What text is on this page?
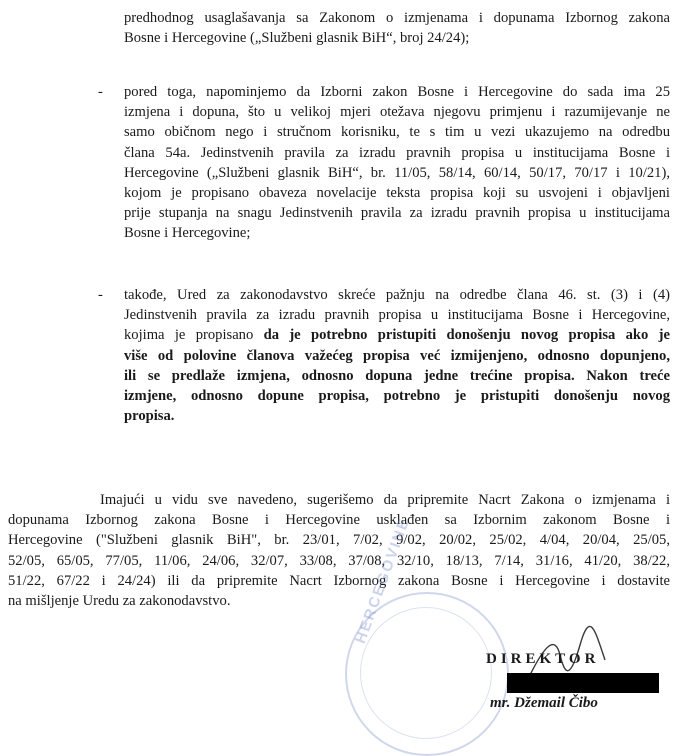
predhodnog usaglašavanja sa Zakonom o izmjenama i dopunama Izbornog zakona
Bosne i Hercegovine („Službeni glasnik BiH“, broj 24/24);
- pored toga, napominjemo da Izborni zakon Bosne i Hercegovine do sada ima 25
izmjena i dopuna, što u velikoj mjeri otežava njegovu primjenu i razumijevanje ne
samo običnom nego i stručnom korisniku, te s tim u vezi ukazujemo na odredbu
člana 54a. Jedinstvenih pravila za izradu pravnih propisa u institucijama Bosne i
Hercegovine („Službeni glasnik BiH“, br. 11/05, 58/14, 60/14, 50/17, 70/17 i 10/21),
kojom je propisano obaveza novelacije teksta propisa koji su usvojeni i objavljeni
prije stupanja na snagu Jedinstvenih pravila za izradu pravnih propisa u institucijama
Bosne i Hercegovine;
- takođe, Ured za zakonodavstvo skreće pažnju na odredbe člana 46. st. (3) i (4)
Jedinstvenih pravila za izradu pravnih propisa u institucijama Bosne i Hercegovine,
kojima je propisano da je potrebno pristupiti donošenju novog propisa ako je
više od polovine članova važećeg propisa već izmijenjeno, odnosno dopunjeno,
ili se predlaže izmjena, odnosno dopuna jedne trećine propisa. Nakon treće
izmjene, odnosno dopune propisa, potrebno je pristupiti donošenju novog
propisa.
Imajući u vidu sve navedeno, sugerišemo da pripremite Nacrt Zakona o izmjenama i
dopunama Izbornog zakona Bosne i Hercegovine usklađen sa Izbornim zakonom Bosne i
Hercegovine ("Službeni glasnik BiH", br. 23/01, 7/02, 9/02, 20/02, 25/02, 4/04, 20/04, 25/05,
52/05, 65/05, 77/05, 11/06, 24/06, 32/07, 33/08, 37/08, 32/10, 18/13, 7/14, 31/16, 41/20, 38/22,
51/22, 67/22 i 24/24) ili da pripremite Nacrt Izbornog zakona Bosne i Hercegovine i dostavite
na mišljenje Uredu za zakonodavstvo.	HERCEGOVINE
DIREKTOR
mr. Džemail Čibo
